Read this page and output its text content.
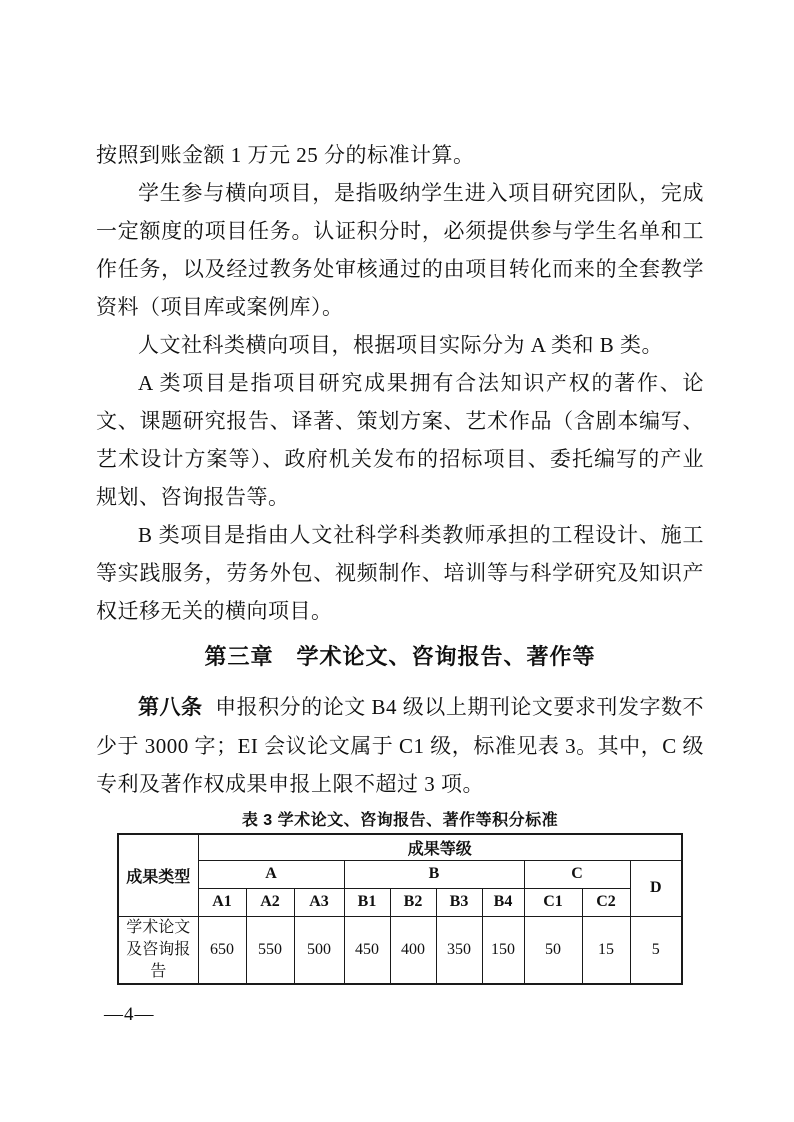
按照到账金额 1 万元 25 分的标准计算。

学生参与横向项目，是指吸纳学生进入项目研究团队，完成一定额度的项目任务。认证积分时，必须提供参与学生名单和工作任务，以及经过教务处审核通过的由项目转化而来的全套教学资料（项目库或案例库）。

人文社科类横向项目，根据项目实际分为 A 类和 B 类。

A 类项目是指项目研究成果拥有合法知识产权的著作、论文、课题研究报告、译著、策划方案、艺术作品（含剧本编写、艺术设计方案等）、政府机关发布的招标项目、委托编写的产业规划、咨询报告等。

B 类项目是指由人文社科学科类教师承担的工程设计、施工等实践服务，劳务外包、视频制作、培训等与科学研究及知识产权迁移无关的横向项目。

第三章　学术论文、咨询报告、著作等

第八条 申报积分的论文 B4 级以上期刊论文要求刊发字数不少于 3000 字；EI 会议论文属于 C1 级，标准见表 3。其中，C 级专利及著作权成果申报上限不超过 3 项。

表 3 学术论文、咨询报告、著作等积分标准
成果类型	成果等级									
	A			B				C		D
	A1	A2	A3	B1	B2	B3	B4	C1	C2	
学术论文及咨询报告	650	550	500	450	400	350	150	50	15	5
—4—
